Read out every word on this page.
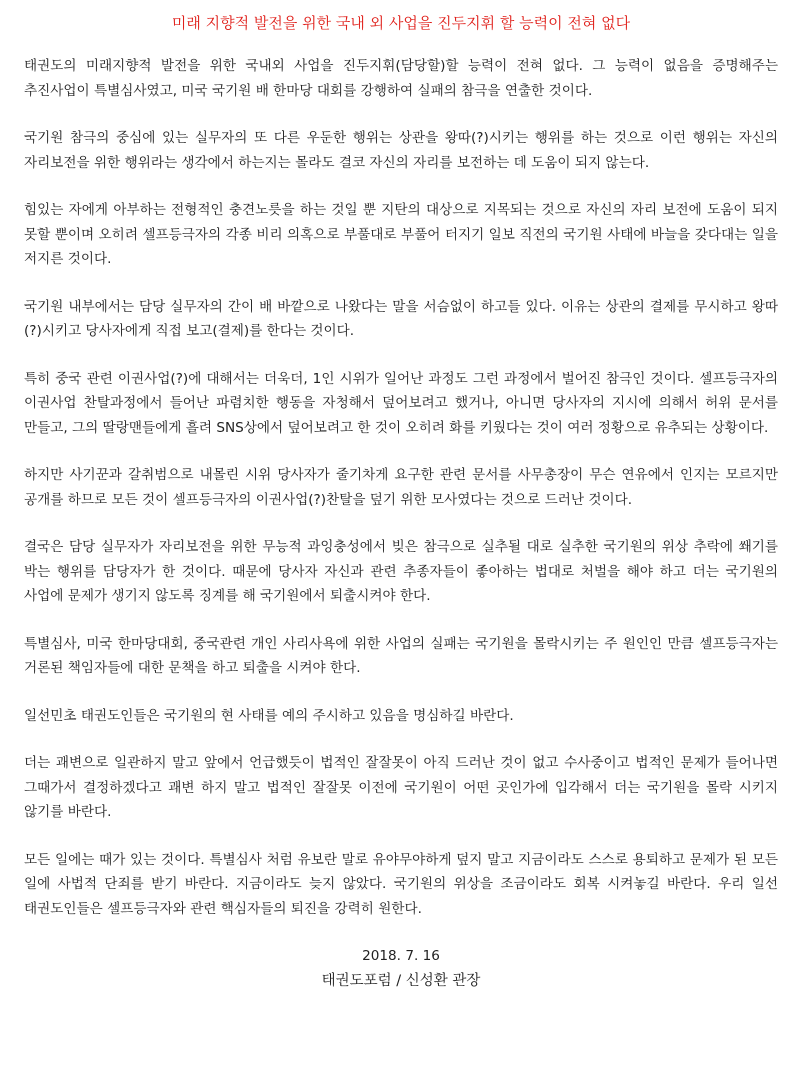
미래 지향적 발전을 위한 국내 외 사업을 진두지휘 할 능력이 전혀 없다

태권도의 미래지향적 발전을 위한 국내외 사업을 진두지휘(담당할)할 능력이 전혀 없다. 그 능력이 없음을 증명해주는 추진사업이 특별심사였고, 미국 국기원 배 한마당 대회를 강행하여 실패의 참극을 연출한 것이다.

국기원 참극의 중심에 있는 실무자의 또 다른 우둔한 행위는 상관을 왕따(?)시키는 행위를 하는 것으로 이런 행위는 자신의 자리보전을 위한 행위라는 생각에서 하는지는 몰라도 결코 자신의 자리를 보전하는 데 도움이 되지 않는다.

힘있는 자에게 아부하는 전형적인 충견노릇을 하는 것일 뿐 지탄의 대상으로 지목되는 것으로 자신의 자리 보전에 도움이 되지 못할 뿐이며 오히려 셀프등극자의 각종 비리 의혹으로 부풀대로 부풀어 터지기 일보 직전의 국기원 사태에 바늘을 갖다대는 일을 저지른 것이다.

국기원 내부에서는 담당 실무자의 간이 배 바깥으로 나왔다는 말을 서슴없이 하고들 있다. 이유는 상관의 결제를 무시하고 왕따(?)시키고 당사자에게 직접 보고(결제)를 한다는 것이다.

특히 중국 관련 이권사업(?)에 대해서는 더욱더, 1인 시위가 일어난 과정도 그런 과정에서 벌어진 참극인 것이다. 셀프등극자의 이권사업 찬탈과정에서 들어난 파렴치한 행동을 자청해서 덮어보려고 했거나, 아니면 당사자의 지시에 의해서 허위 문서를 만들고, 그의 딸랑맨들에게 흘려 SNS상에서 덮어보려고 한 것이 오히려 화를 키웠다는 것이 여러 정황으로 유추되는 상황이다.

하지만 사기꾼과 갈취범으로 내몰린 시위 당사자가 줄기차게 요구한 관련 문서를 사무총장이 무슨 연유에서 인지는 모르지만 공개를 하므로 모든 것이 셀프등극자의 이권사업(?)찬탈을 덮기 위한 모사였다는 것으로 드러난 것이다.

결국은 담당 실무자가 자리보전을 위한 무능적 과잉충성에서 빚은 참극으로 실추될 대로 실추한 국기원의 위상 추락에 쐐기를 박는 행위를 담당자가 한 것이다. 때문에 당사자 자신과 관련 추종자들이 좋아하는 법대로 처벌을 해야 하고 더는 국기원의 사업에 문제가 생기지 않도록 징계를 해 국기원에서 퇴출시켜야 한다.

특별심사, 미국 한마당대회, 중국관련 개인 사리사욕에 위한 사업의 실패는 국기원을 몰락시키는 주 원인인 만큼 셀프등극자는 거론된 책임자들에 대한 문책을 하고 퇴출을 시켜야 한다.

일선민초 태권도인들은 국기원의 현 사태를 예의 주시하고 있음을 명심하길 바란다.

더는 괘변으로 일관하지 말고 앞에서 언급했듯이 법적인 잘잘못이 아직 드러난 것이 없고 수사중이고 법적인 문제가 들어나면 그때가서 결정하겠다고 괘변 하지 말고 법적인 잘잘못 이전에 국기원이 어떤 곳인가에 입각해서 더는 국기원을 몰락 시키지 않기를 바란다.

모든 일에는 때가 있는 것이다. 특별심사 처럼 유보란 말로 유야무야하게 덮지 말고 지금이라도 스스로 용퇴하고 문제가 된 모든 일에 사법적 단죄를 받기 바란다. 지금이라도 늦지 않았다. 국기원의 위상을 조금이라도 회복 시켜놓길 바란다. 우리 일선 태권도인들은 셀프등극자와 관련 핵심자들의 퇴진을 강력히 원한다.

2018. 7. 16
태권도포럼 / 신성환 관장
